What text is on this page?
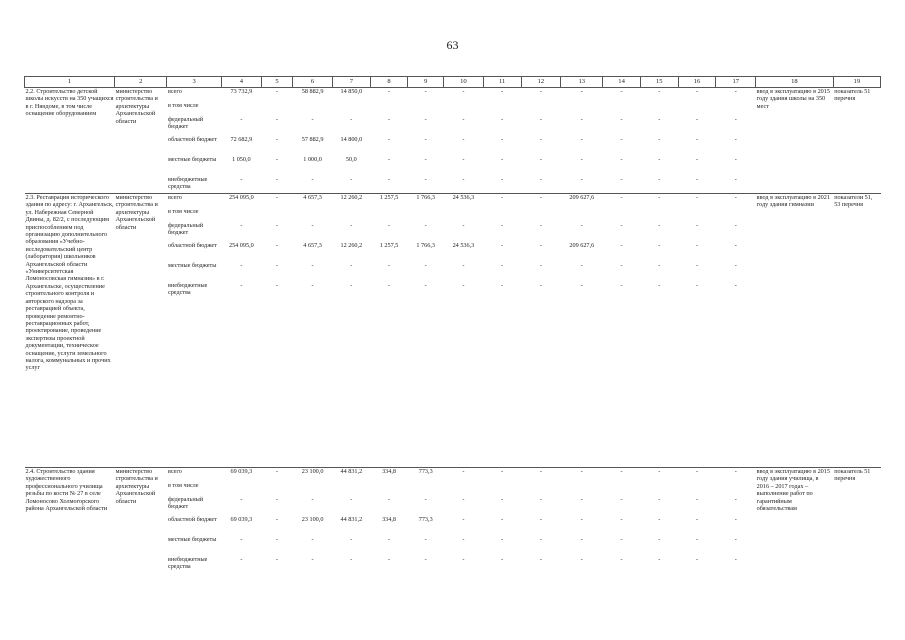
63
1	2	3	4	5	6	7	8	9	10	11	12	13	14	15	16	17	18	19
2.2. Строительство детской школы искусств на 350 учащихся в г. Няндоме, в том числе оснащение оборудованием	министерство строительства и архитектуры Архангельской области	всего	73 732,9	-	58 882,9	14 850,0	-	-	-	-	-	-	-	-	-	-	ввод в эксплуатацию в 2015 году здания школы на 350 мест	показатель 51 перечня
		в том числе																
		федеральный бюджет	-	-	-	-	-	-	-	-	-	-	-	-	-	-		
		областной бюджет	72 682,9	-	57 882,9	14 800,0	-	-	-	-	-	-	-	-	-	-		
		местные бюджеты	1 050,0	-	1 000,0	50,0	-	-	-	-	-	-	-	-	-	-		
		внебюджетные средства	-	-	-	-	-	-	-	-	-	-	-	-	-	-		
2.3. Реставрация исторического здания по адресу: г. Архангельск, ул. Набережная Северной Двины, д. 82/2, с последующим приспособлением под организацию дополнительного образования «Учебно-исследовательский центр (лаборатория) школьников Архангельской области «Университетская Ломоносовская гимназия» в г. Архангельске, осуществление строительного контроля и авторского надзора за реставрацией объекта, проведение ремонтно-реставрационных работ, проектирование, проведение экспертизы проектной документации, техническое оснащение, услуги земельного налога, коммунальных и прочих услуг	министерство строительства и архитектуры Архангельской области	всего	254 095,0	-	4 657,3	12 260,2	1 257,5	1 766,3	24 536,3	-	-	209 627,6	-	-	-	-	ввод в эксплуатацию в 2021 году здания гимназии	показатели 51, 53 перечня
		в том числе																
		федеральный бюджет	-	-	-	-	-	-	-	-	-	-	-	-	-	-		
		областной бюджет	254 095,0	-	4 657,3	12 260,2	1 257,5	1 766,3	24 536,3	-	-	209 627,6	-	-	-	-		
		местные бюджеты	-	-	-	-	-	-	-	-	-	-	-	-	-	-		
		внебюджетные средства	-	-	-	-	-	-	-	-	-	-	-	-	-	-		
2.4. Строительство здания художественного профессионального училища резьбы по кости № 27 в селе Ломоносово Холмогорского района Архангельской области	министерство строительства и архитектуры Архангельской области	всего	69 039,3	-	23 100,0	44 831,2	334,8	773,3	-	-	-	-	-	-	-	-	ввод в эксплуатацию в 2015 году здания училища, в 2016 – 2017 годах – выполнение работ по гарантийным обязательствам	показатель 51 перечня
		в том числе																
		федеральный бюджет	-	-	-	-	-	-	-	-	-	-	-	-	-	-		
		областной бюджет	69 039,3	-	23 100,0	44 831,2	334,8	773,3	-	-	-	-	-	-	-	-		
		местные бюджеты	-	-	-	-	-	-	-	-	-	-	-	-	-	-		
		внебюджетные средства	-	-	-	-	-	-	-	-	-	-	-	-	-	-		
